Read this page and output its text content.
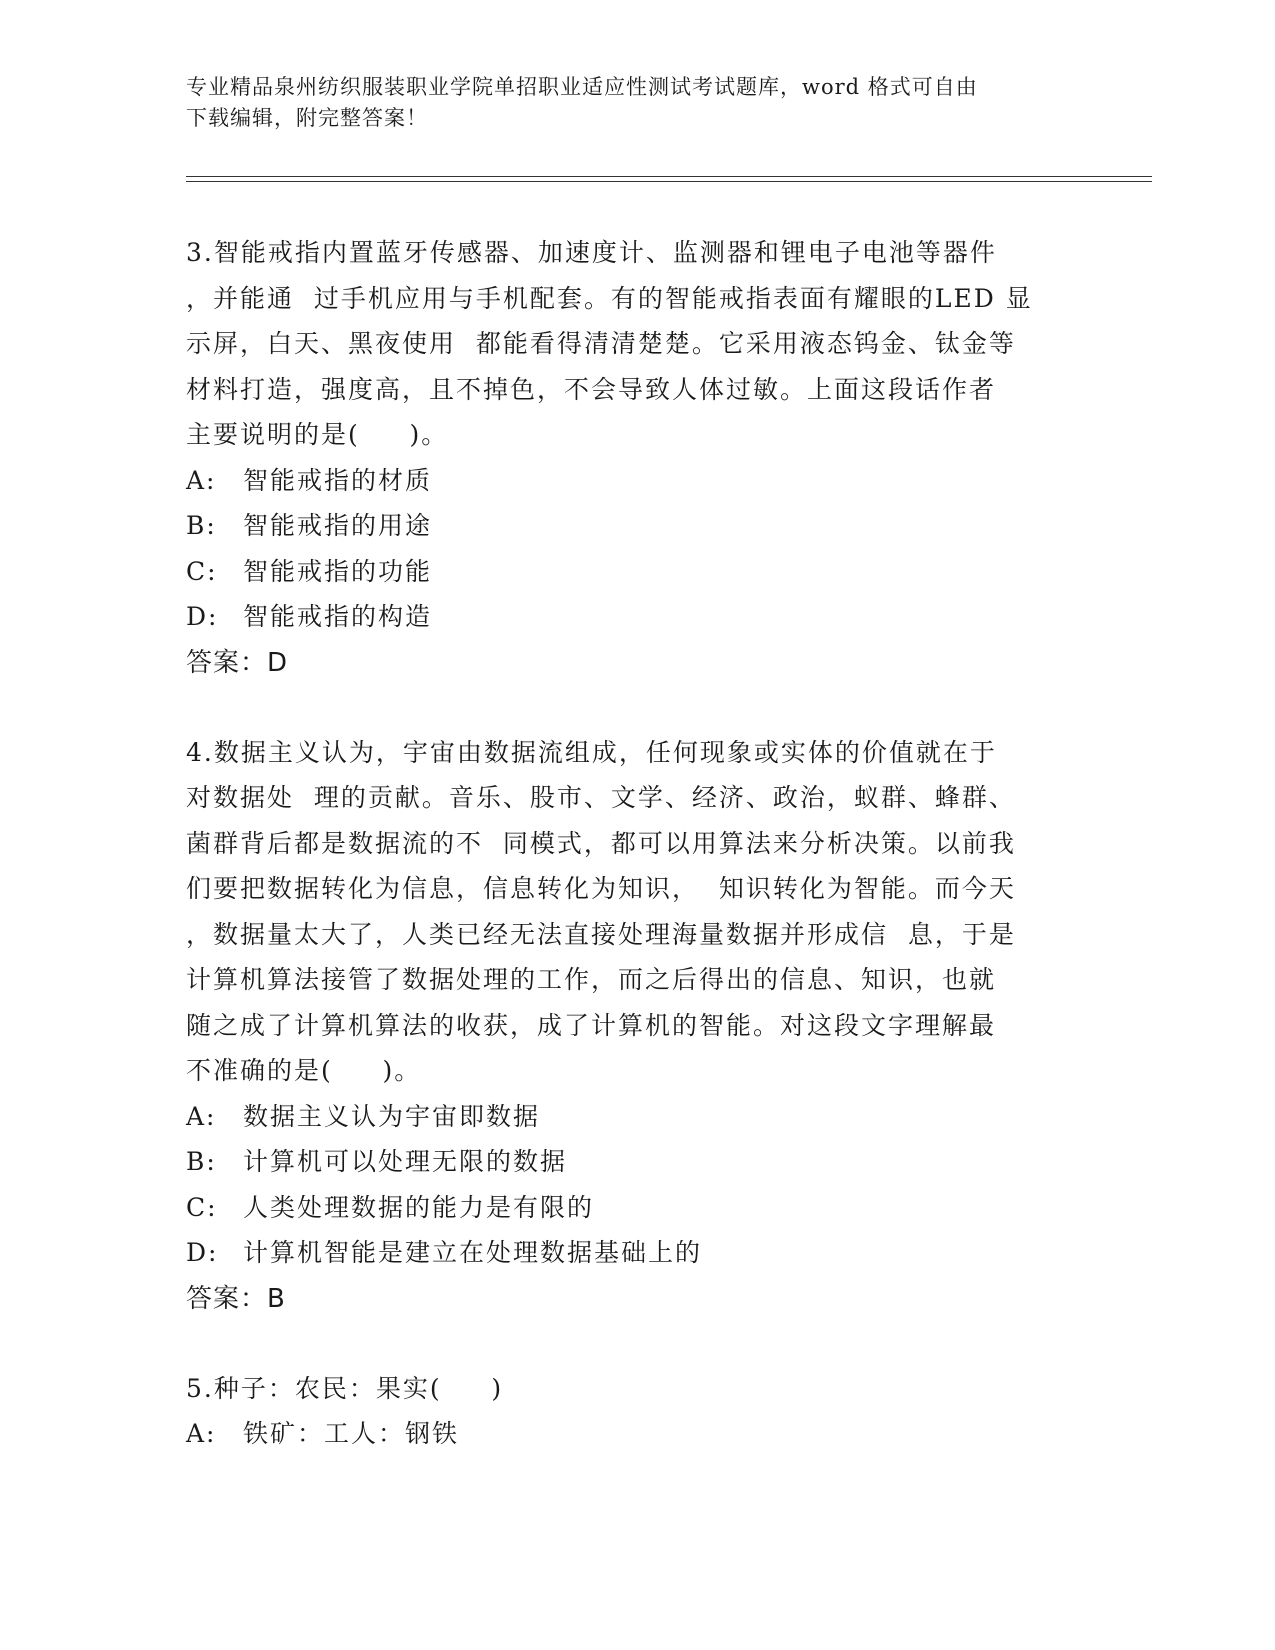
专业精品泉州纺织服装职业学院单招职业适应性测试考试题库，word 格式可自由
下载编辑，附完整答案！
3.智能戒指内置蓝牙传感器、加速度计、监测器和锂电子电池等器件
，并能通  过手机应用与手机配套。有的智能戒指表面有耀眼的LED 显
示屏，白天、黑夜使用  都能看得清清楚楚。它采用液态钨金、钛金等
材料打造，强度高，且不掉色，不会导致人体过敏。上面这段话作者
主要说明的是(     )。
A:	智能戒指的材质
B:	智能戒指的用途
C:	智能戒指的功能
D: 智能戒指的构造
答案：D
4.数据主义认为，宇宙由数据流组成，任何现象或实体的价值就在于
对数据处  理的贡献。音乐、股市、文学、经济、政治，蚁群、蜂群、
菌群背后都是数据流的不  同模式，都可以用算法来分析决策。以前我
们要把数据转化为信息，信息转化为知识，  知识转化为智能。而今天
，数据量太大了，人类已经无法直接处理海量数据并形成信  息，于是
计算机算法接管了数据处理的工作，而之后得出的信息、知识，也就
随之成了计算机算法的收获，成了计算机的智能。对这段文字理解最
不准确的是(     )。
A:	数据主义认为宇宙即数据
B:	计算机可以处理无限的数据
C:	人类处理数据的能力是有限的
D: 计算机智能是建立在处理数据基础上的
答案：B
5.种子：农民：果实(     )
A:	铁矿：工人：钢铁
